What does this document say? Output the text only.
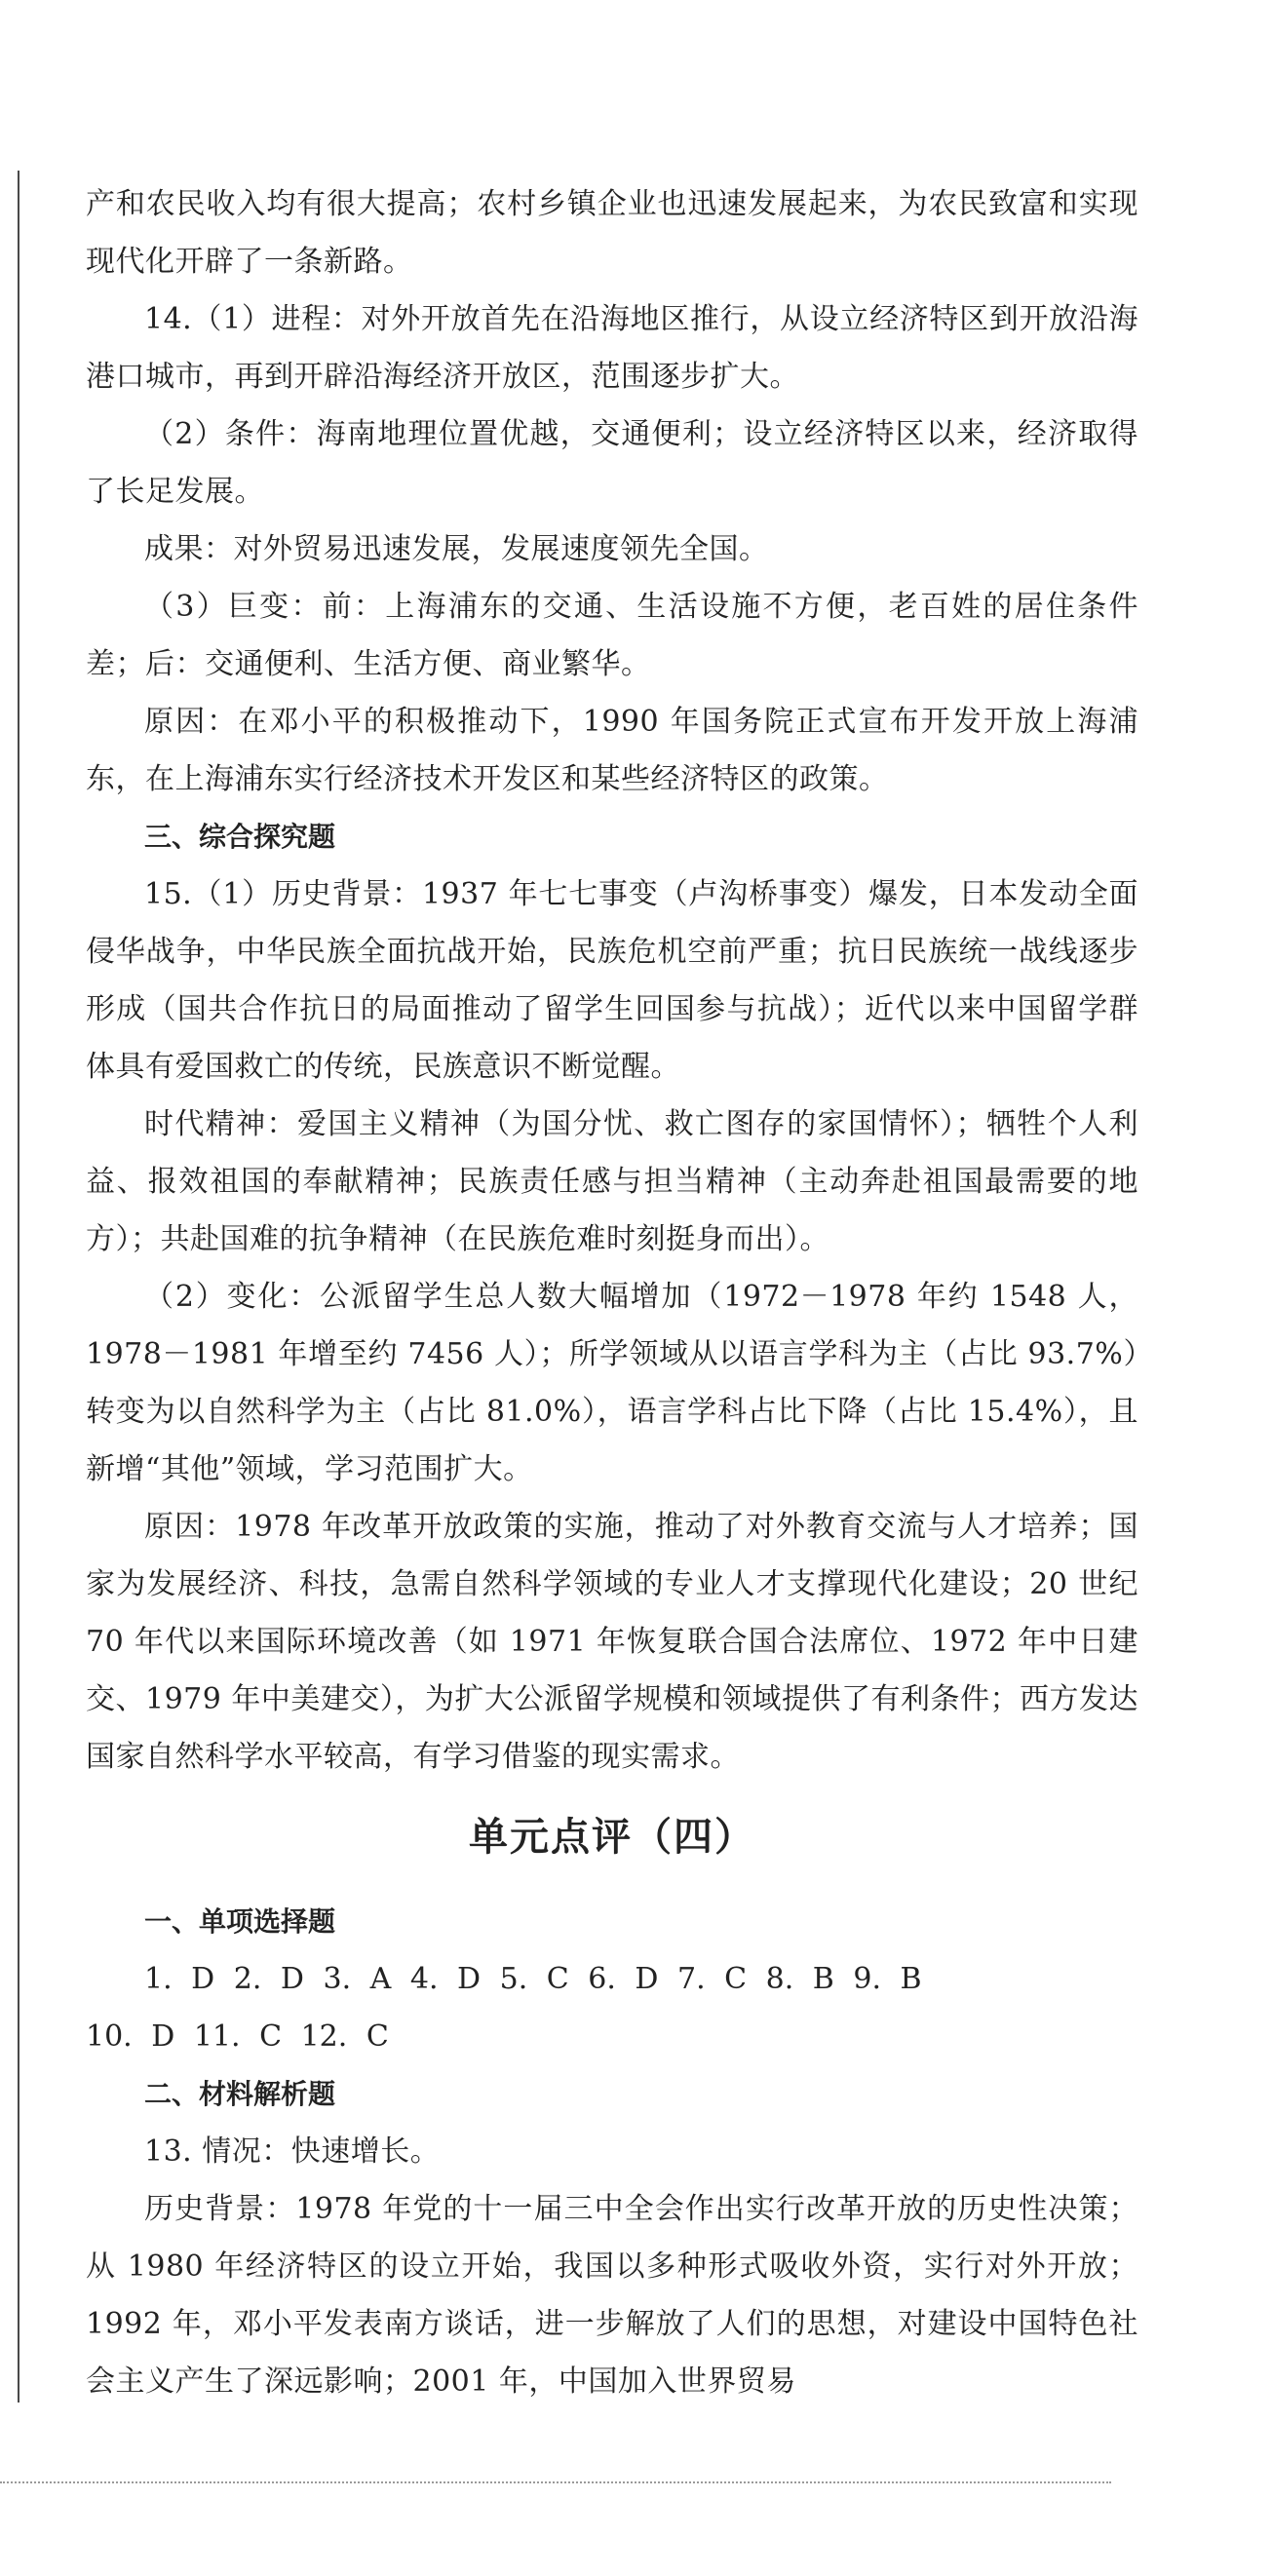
产和农民收入均有很大提高；农村乡镇企业也迅速发展起来，为农民致富和实现现代化开辟了一条新路。

14.（1）进程：对外开放首先在沿海地区推行，从设立经济特区到开放沿海港口城市，再到开辟沿海经济开放区，范围逐步扩大。

（2）条件：海南地理位置优越，交通便利；设立经济特区以来，经济取得了长足发展。

成果：对外贸易迅速发展，发展速度领先全国。

（3）巨变：前：上海浦东的交通、生活设施不方便，老百姓的居住条件差；后：交通便利、生活方便、商业繁华。

原因：在邓小平的积极推动下，1990 年国务院正式宣布开发开放上海浦东，在上海浦东实行经济技术开发区和某些经济特区的政策。

三、综合探究题

15.（1）历史背景：1937 年七七事变（卢沟桥事变）爆发，日本发动全面侵华战争，中华民族全面抗战开始，民族危机空前严重；抗日民族统一战线逐步形成（国共合作抗日的局面推动了留学生回国参与抗战）；近代以来中国留学群体具有爱国救亡的传统，民族意识不断觉醒。

时代精神：爱国主义精神（为国分忧、救亡图存的家国情怀）；牺牲个人利益、报效祖国的奉献精神；民族责任感与担当精神（主动奔赴祖国最需要的地方）；共赴国难的抗争精神（在民族危难时刻挺身而出）。

（2）变化：公派留学生总人数大幅增加（1972－1978 年约 1548 人，1978－1981 年增至约 7456 人）；所学领域从以语言学科为主（占比 93.7%）转变为以自然科学为主（占比 81.0%），语言学科占比下降（占比 15.4%），且新增“其他”领域，学习范围扩大。

原因：1978 年改革开放政策的实施，推动了对外教育交流与人才培养；国家为发展经济、科技，急需自然科学领域的专业人才支撑现代化建设；20 世纪 70 年代以来国际环境改善（如 1971 年恢复联合国合法席位、1972 年中日建交、1979 年中美建交），为扩大公派留学规模和领域提供了有利条件；西方发达国家自然科学水平较高，有学习借鉴的现实需求。

单元点评（四）

一、单项选择题

1. D 2. D 3. A 4. D 5. C 6. D 7. C 8. B 9. B

10. D 11. C 12. C

二、材料解析题

13. 情况：快速增长。

历史背景：1978 年党的十一届三中全会作出实行改革开放的历史性决策；从 1980 年经济特区的设立开始，我国以多种形式吸收外资，实行对外开放；1992 年，邓小平发表南方谈话，进一步解放了人们的思想，对建设中国特色社会主义产生了深远影响；2001 年，中国加入世界贸易
